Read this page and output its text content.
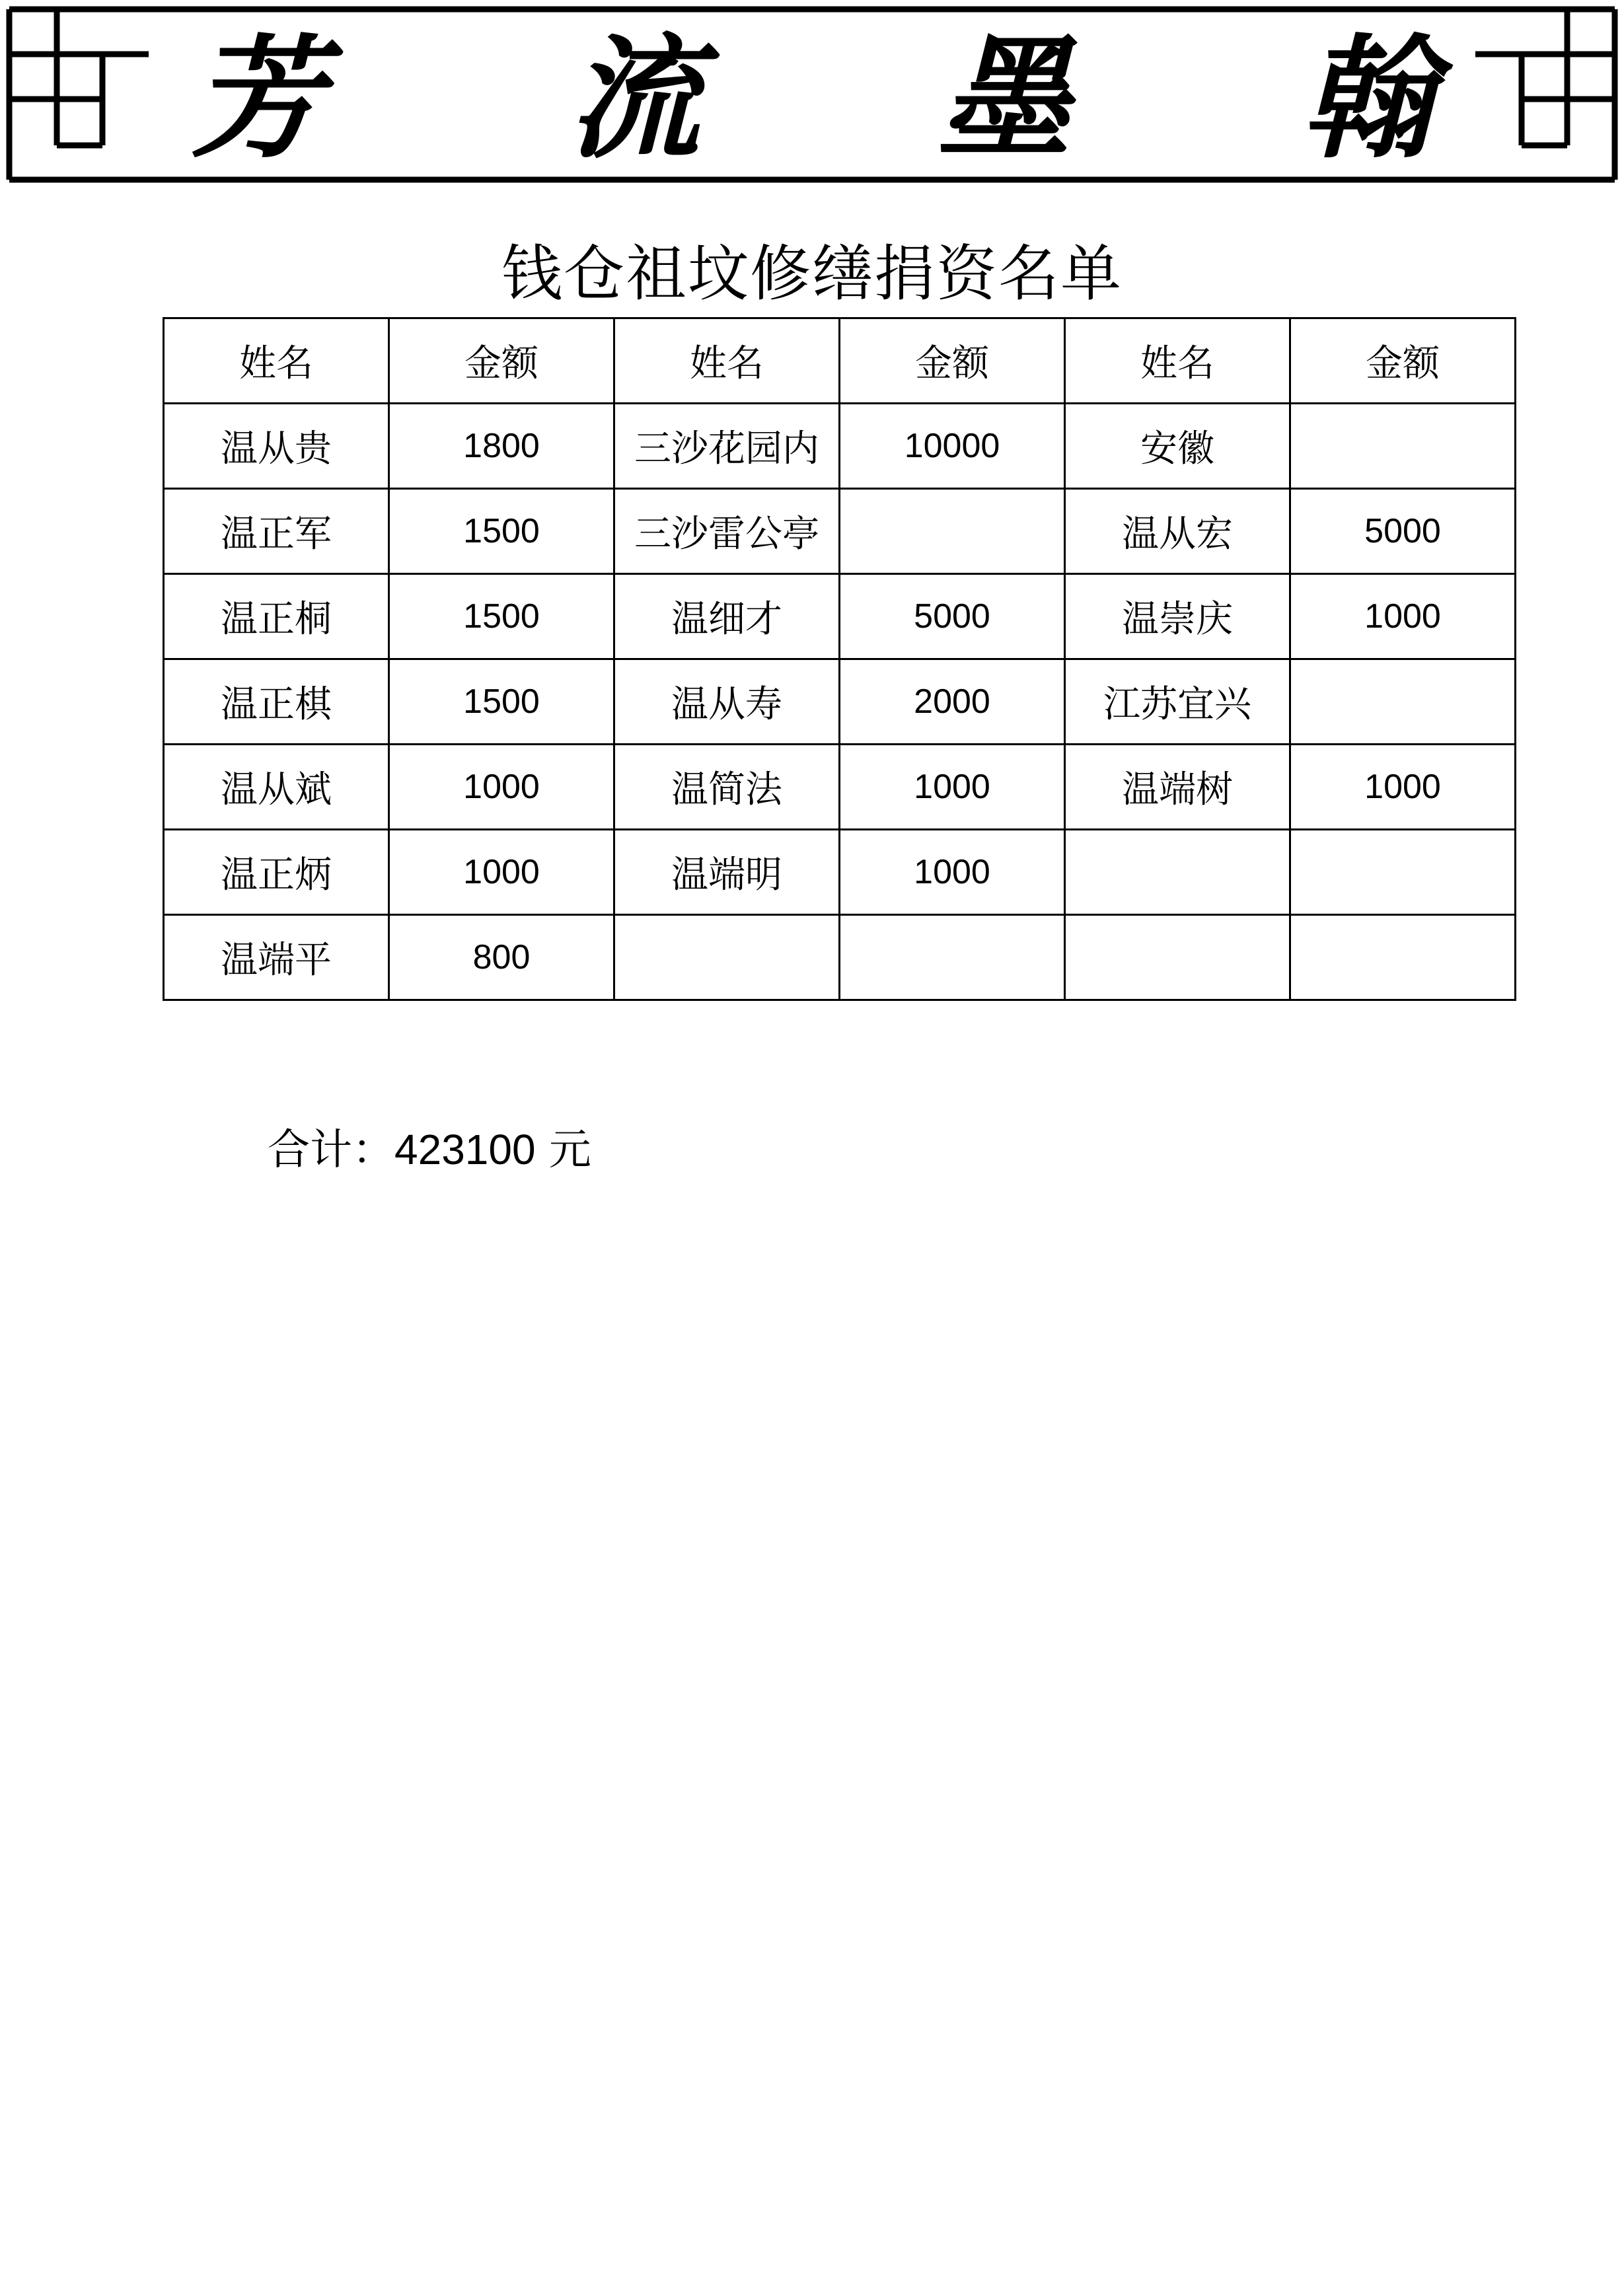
芳 流 墨 翰
钱仓祖坟修缮捐资名单
姓名	金额	姓名	金额	姓名	金额
温从贵	1800	三沙花园内	10000	安徽	
温正军	1500	三沙雷公亭		温从宏	5000
温正桐	1500	温细才	5000	温崇庆	1000
温正棋	1500	温从寿	2000	江苏宜兴	
温从斌	1000	温简法	1000	温端树	1000
温正炳	1000	温端明	1000		
温端平	800				
合计：423100 元
